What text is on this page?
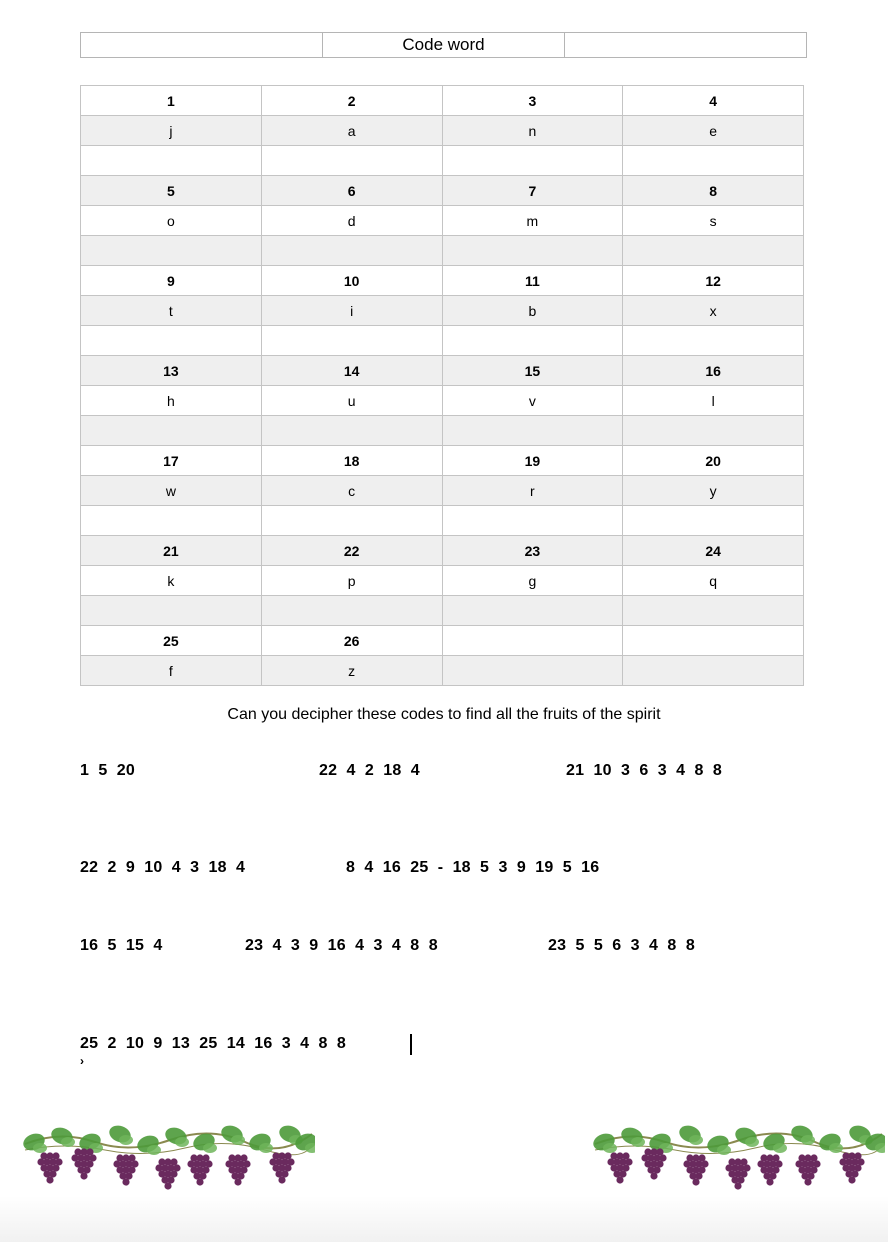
Code word
1	2	3	4
j	a	n	e

5	6	7	8
o	d	m	s

9	10	11	12
t	i	b	x

13	14	15	16
h	u	v	l

17	18	19	20
w	c	r	y

21	22	23	24
k	p	g	q

25	26		
f	z		
Can you decipher these codes to find all the fruits of the spirit
1  5  20	22  4  2  18  4	21  10  3  6  3  4  8  8
22  2  9  10  4  3  18  4	8  4  16  25  -  18  5  3  9  19  5  16
16  5  15  4	23  4  3  9  16  4  3  4  8  8	23  5  5  6  3  4  8  8
25  2  10  9  13  25  14  16  3  4  8  8
›
